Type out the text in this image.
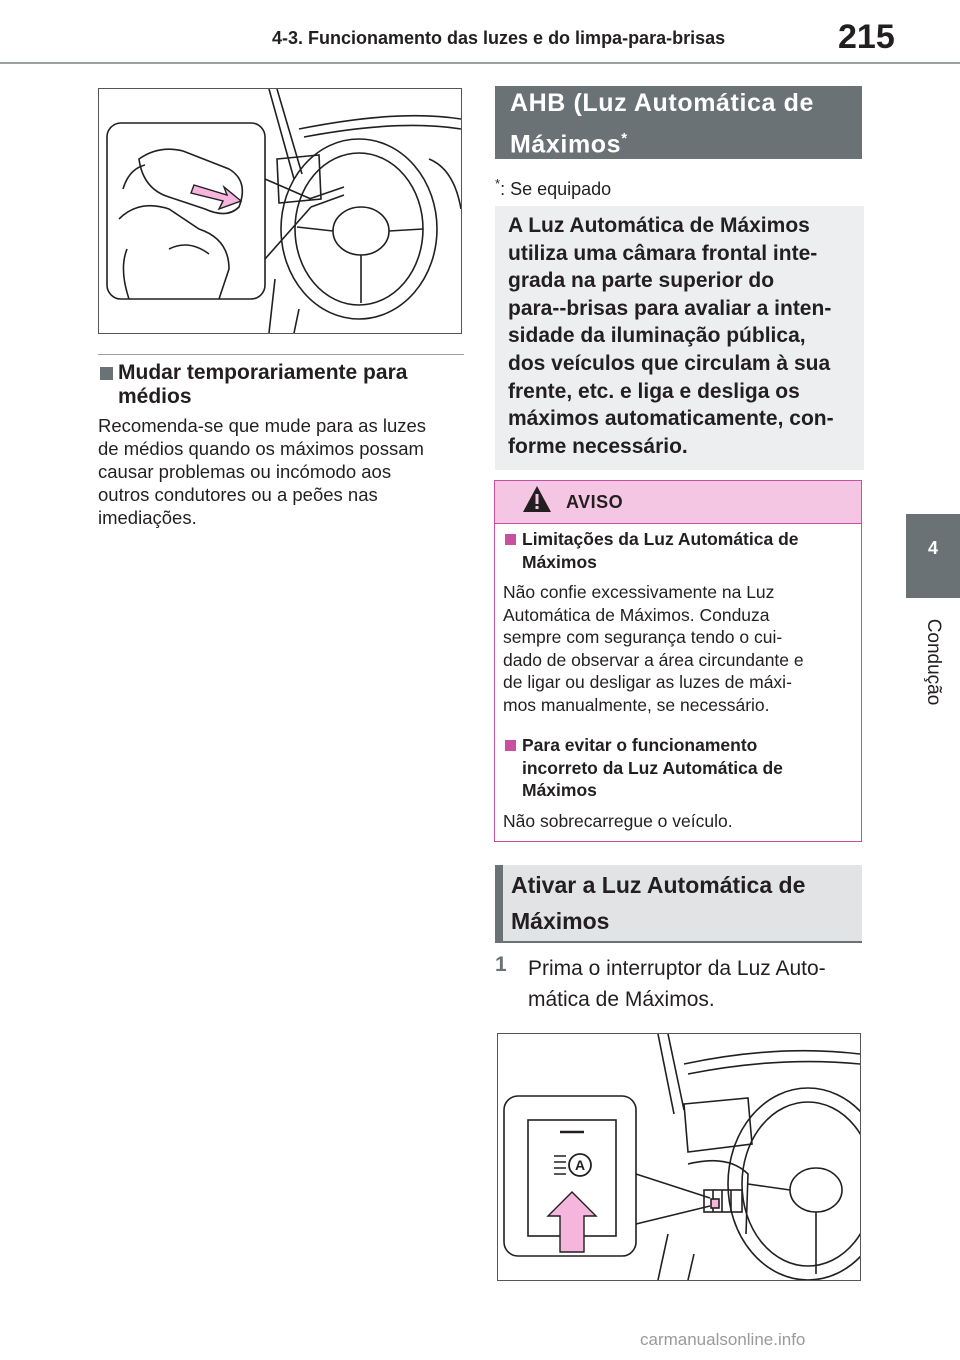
4-3. Funcionamento das luzes e do limpa-para-brisas	215
4
Condução
Mudar temporariamente para médios
Recomenda-se que mude para as luzes
de médios quando os máximos possam
causar problemas ou incómodo aos
outros condutores ou a peões nas
imediações.
AHB (Luz Automática de
Máximos*
*: Se equipado
A Luz Automática de Máximos
utiliza uma câmara frontal inte-
grada na parte superior do
para--brisas para avaliar a inten-
sidade da iluminação pública,
dos veículos que circulam à sua
frente, etc. e liga e desliga os
máximos automaticamente, con-
forme necessário.
AVISO
Limitações da Luz Automática de
Máximos
Não confie excessivamente na Luz
Automática de Máximos. Conduza
sempre com segurança tendo o cui-
dado de observar a área circundante e
de ligar ou desligar as luzes de máxi-
mos manualmente, se necessário.
Para evitar o funcionamento
incorreto da Luz Automática de
Máximos
Não sobrecarregue o veículo.
Ativar a Luz Automática de
Máximos
1 Prima o interruptor da Luz Auto-
mática de Máximos.
A
carmanualsonline.info
